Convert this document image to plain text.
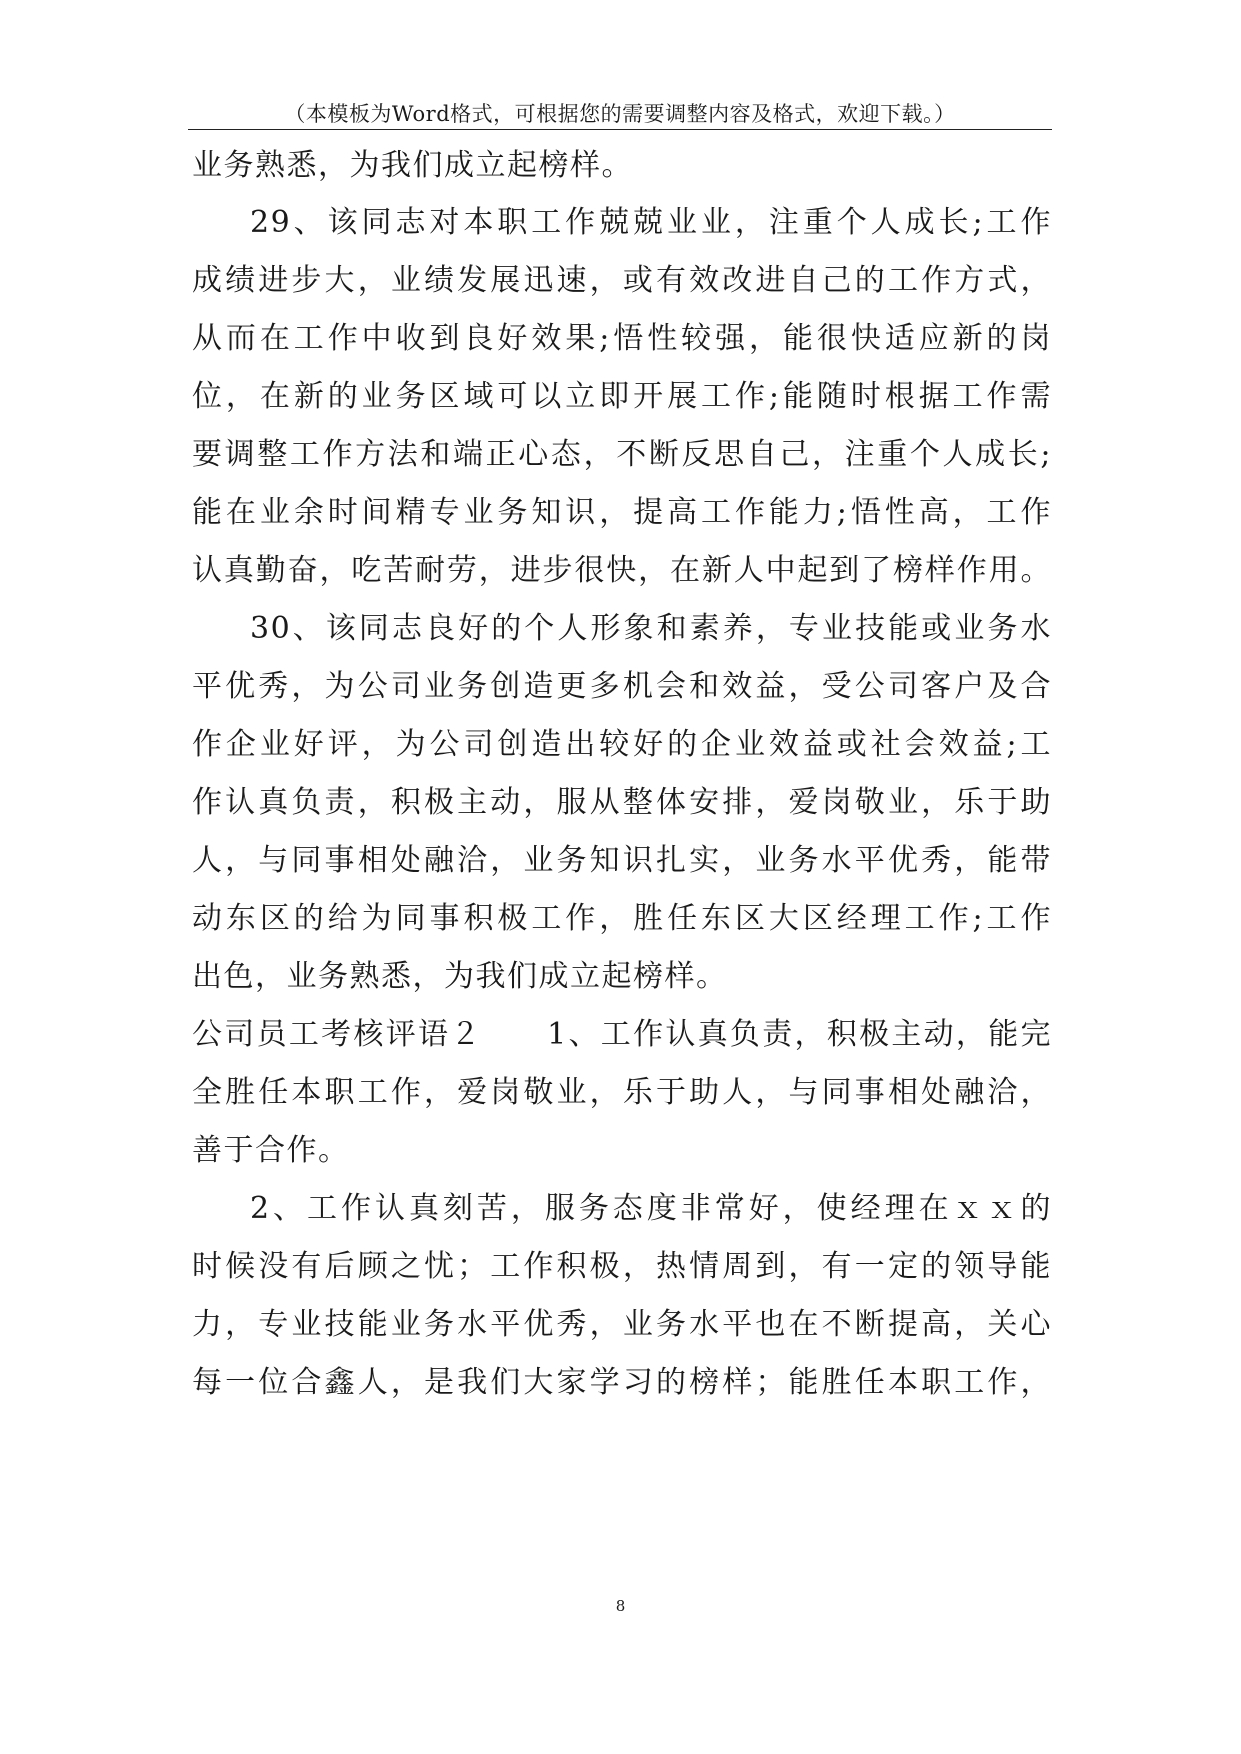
（本模板为Word格式，可根据您的需要调整内容及格式，欢迎下载。）
业务熟悉，为我们成立起榜样。
29、该同志对本职工作兢兢业业，注重个人成长;工作
成绩进步大，业绩发展迅速，或有效改进自己的工作方式，
从而在工作中收到良好效果;悟性较强，能很快适应新的岗
位，在新的业务区域可以立即开展工作;能随时根据工作需
要调整工作方法和端正心态，不断反思自己，注重个人成长;
能在业余时间精专业务知识，提高工作能力;悟性高，工作
认真勤奋，吃苦耐劳，进步很快，在新人中起到了榜样作用。
30、该同志良好的个人形象和素养，专业技能或业务水
平优秀，为公司业务创造更多机会和效益，受公司客户及合
作企业好评，为公司创造出较好的企业效益或社会效益;工
作认真负责，积极主动，服从整体安排，爱岗敬业，乐于助
人，与同事相处融洽，业务知识扎实，业务水平优秀，能带
动东区的给为同事积极工作，胜任东区大区经理工作;工作
出色，业务熟悉，为我们成立起榜样。
公司员工考核评语２　　1、工作认真负责，积极主动，能完
全胜任本职工作，爱岗敬业，乐于助人，与同事相处融洽，
善于合作。
2、工作认真刻苦，服务态度非常好，使经理在ｘｘ的
时候没有后顾之忧；工作积极，热情周到，有一定的领导能
力，专业技能业务水平优秀，业务水平也在不断提高，关心
每一位合鑫人，是我们大家学习的榜样；能胜任本职工作，
8
